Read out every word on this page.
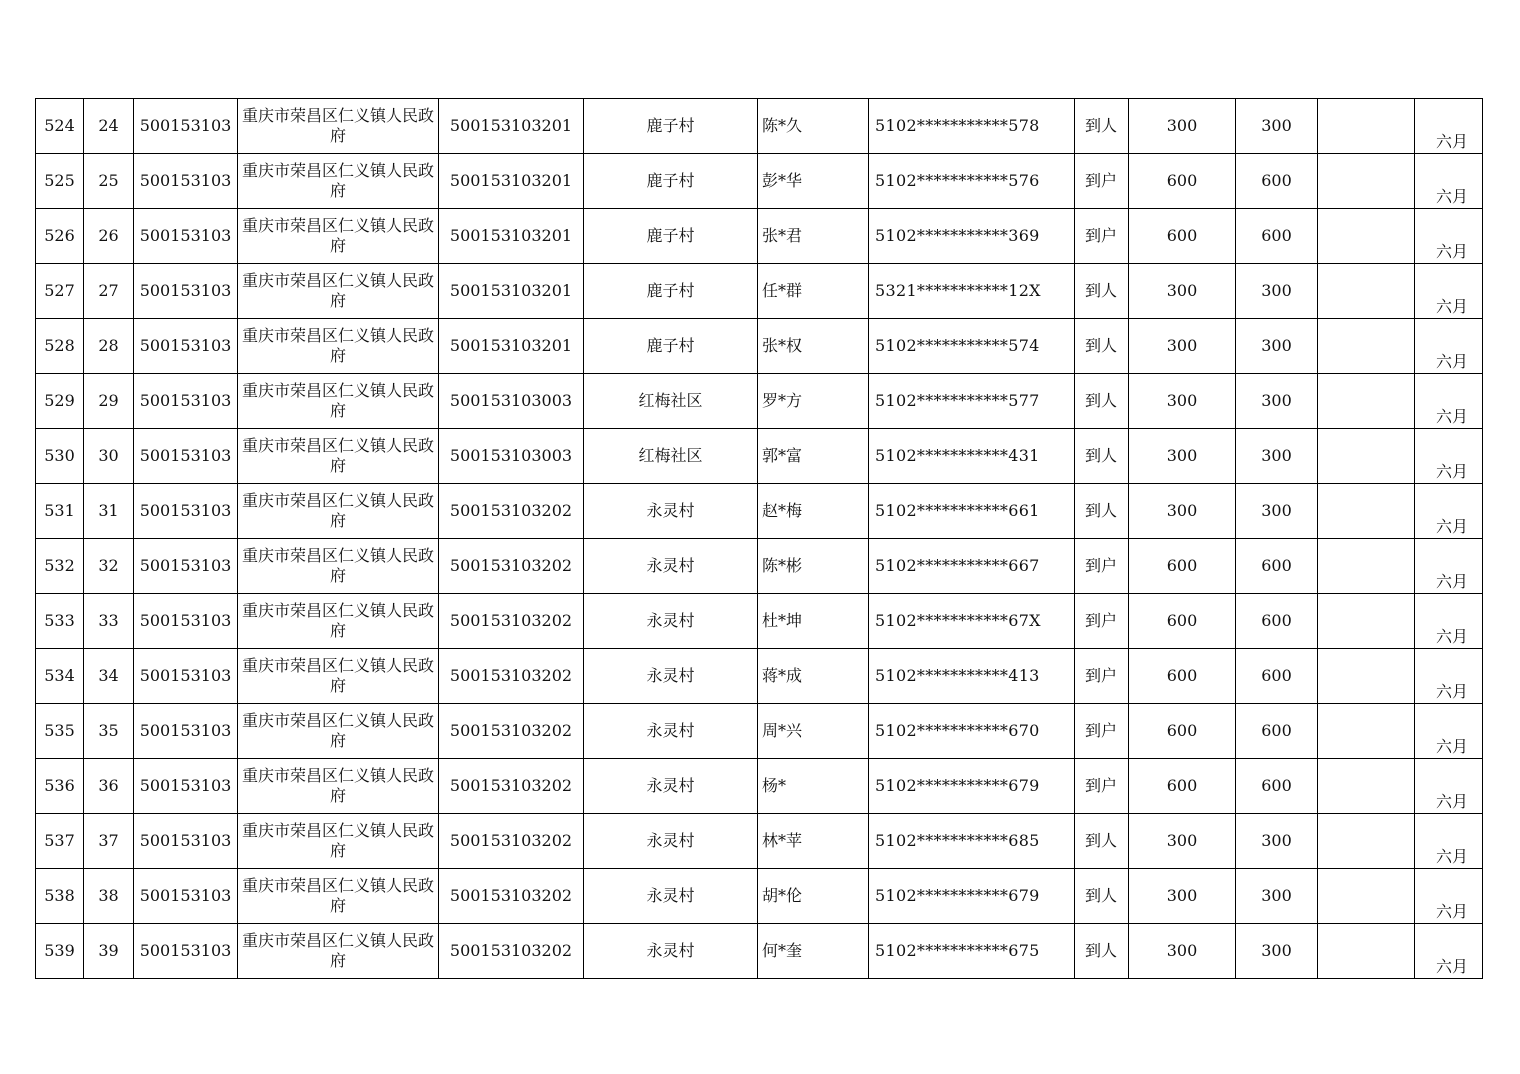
524	24	500153103	重庆市荣昌区仁义镇人民政府	500153103201	鹿子村	陈*久	5102***********578	到人	300	300		六月
525	25	500153103	重庆市荣昌区仁义镇人民政府	500153103201	鹿子村	彭*华	5102***********576	到户	600	600		六月
526	26	500153103	重庆市荣昌区仁义镇人民政府	500153103201	鹿子村	张*君	5102***********369	到户	600	600		六月
527	27	500153103	重庆市荣昌区仁义镇人民政府	500153103201	鹿子村	任*群	5321***********12X	到人	300	300		六月
528	28	500153103	重庆市荣昌区仁义镇人民政府	500153103201	鹿子村	张*权	5102***********574	到人	300	300		六月
529	29	500153103	重庆市荣昌区仁义镇人民政府	500153103003	红梅社区	罗*方	5102***********577	到人	300	300		六月
530	30	500153103	重庆市荣昌区仁义镇人民政府	500153103003	红梅社区	郭*富	5102***********431	到人	300	300		六月
531	31	500153103	重庆市荣昌区仁义镇人民政府	500153103202	永灵村	赵*梅	5102***********661	到人	300	300		六月
532	32	500153103	重庆市荣昌区仁义镇人民政府	500153103202	永灵村	陈*彬	5102***********667	到户	600	600		六月
533	33	500153103	重庆市荣昌区仁义镇人民政府	500153103202	永灵村	杜*坤	5102***********67X	到户	600	600		六月
534	34	500153103	重庆市荣昌区仁义镇人民政府	500153103202	永灵村	蒋*成	5102***********413	到户	600	600		六月
535	35	500153103	重庆市荣昌区仁义镇人民政府	500153103202	永灵村	周*兴	5102***********670	到户	600	600		六月
536	36	500153103	重庆市荣昌区仁义镇人民政府	500153103202	永灵村	杨*	5102***********679	到户	600	600		六月
537	37	500153103	重庆市荣昌区仁义镇人民政府	500153103202	永灵村	林*苹	5102***********685	到人	300	300		六月
538	38	500153103	重庆市荣昌区仁义镇人民政府	500153103202	永灵村	胡*伦	5102***********679	到人	300	300		六月
539	39	500153103	重庆市荣昌区仁义镇人民政府	500153103202	永灵村	何*奎	5102***********675	到人	300	300		六月
